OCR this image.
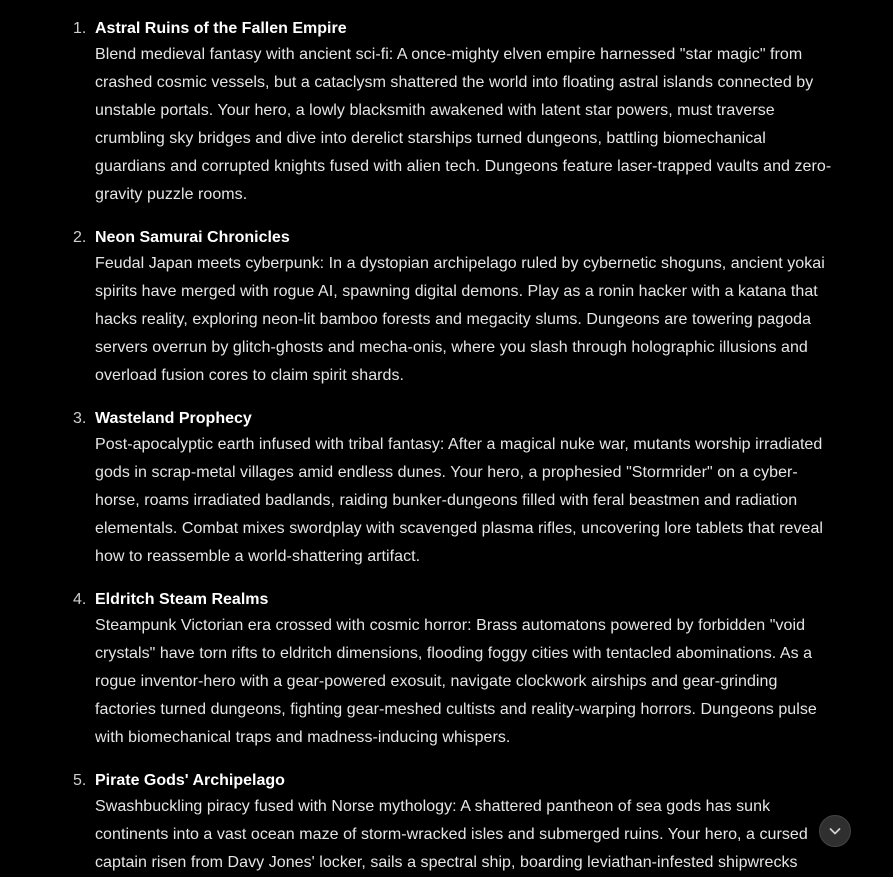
1. Astral Ruins of the Fallen Empire

Blend medieval fantasy with ancient sci-fi: A once-mighty elven empire harnessed "star magic" from crashed cosmic vessels, but a cataclysm shattered the world into floating astral islands connected by unstable portals. Your hero, a lowly blacksmith awakened with latent star powers, must traverse crumbling sky bridges and dive into derelict starships turned dungeons, battling biomechanical guardians and corrupted knights fused with alien tech. Dungeons feature laser-trapped vaults and zero-gravity puzzle rooms.

2. Neon Samurai Chronicles

Feudal Japan meets cyberpunk: In a dystopian archipelago ruled by cybernetic shoguns, ancient yokai spirits have merged with rogue AI, spawning digital demons. Play as a ronin hacker with a katana that hacks reality, exploring neon-lit bamboo forests and megacity slums. Dungeons are towering pagoda servers overrun by glitch-ghosts and mecha-onis, where you slash through holographic illusions and overload fusion cores to claim spirit shards.

3. Wasteland Prophecy

Post-apocalyptic earth infused with tribal fantasy: After a magical nuke war, mutants worship irradiated gods in scrap-metal villages amid endless dunes. Your hero, a prophesied "Stormrider" on a cyber-horse, roams irradiated badlands, raiding bunker-dungeons filled with feral beastmen and radiation elementals. Combat mixes swordplay with scavenged plasma rifles, uncovering lore tablets that reveal how to reassemble a world-shattering artifact.

4. Eldritch Steam Realms

Steampunk Victorian era crossed with cosmic horror: Brass automatons powered by forbidden "void crystals" have torn rifts to eldritch dimensions, flooding foggy cities with tentacled abominations. As a rogue inventor-hero with a gear-powered exosuit, navigate clockwork airships and gear-grinding factories turned dungeons, fighting gear-meshed cultists and reality-warping horrors. Dungeons pulse with biomechanical traps and madness-inducing whispers.

5. Pirate Gods' Archipelago

Swashbuckling piracy fused with Norse mythology: A shattered pantheon of sea gods has sunk continents into a vast ocean maze of storm-wracked isles and submerged ruins. Your hero, a cursed captain risen from Davy Jones' locker, sails a spectral ship, boarding leviathan-infested shipwrecks
